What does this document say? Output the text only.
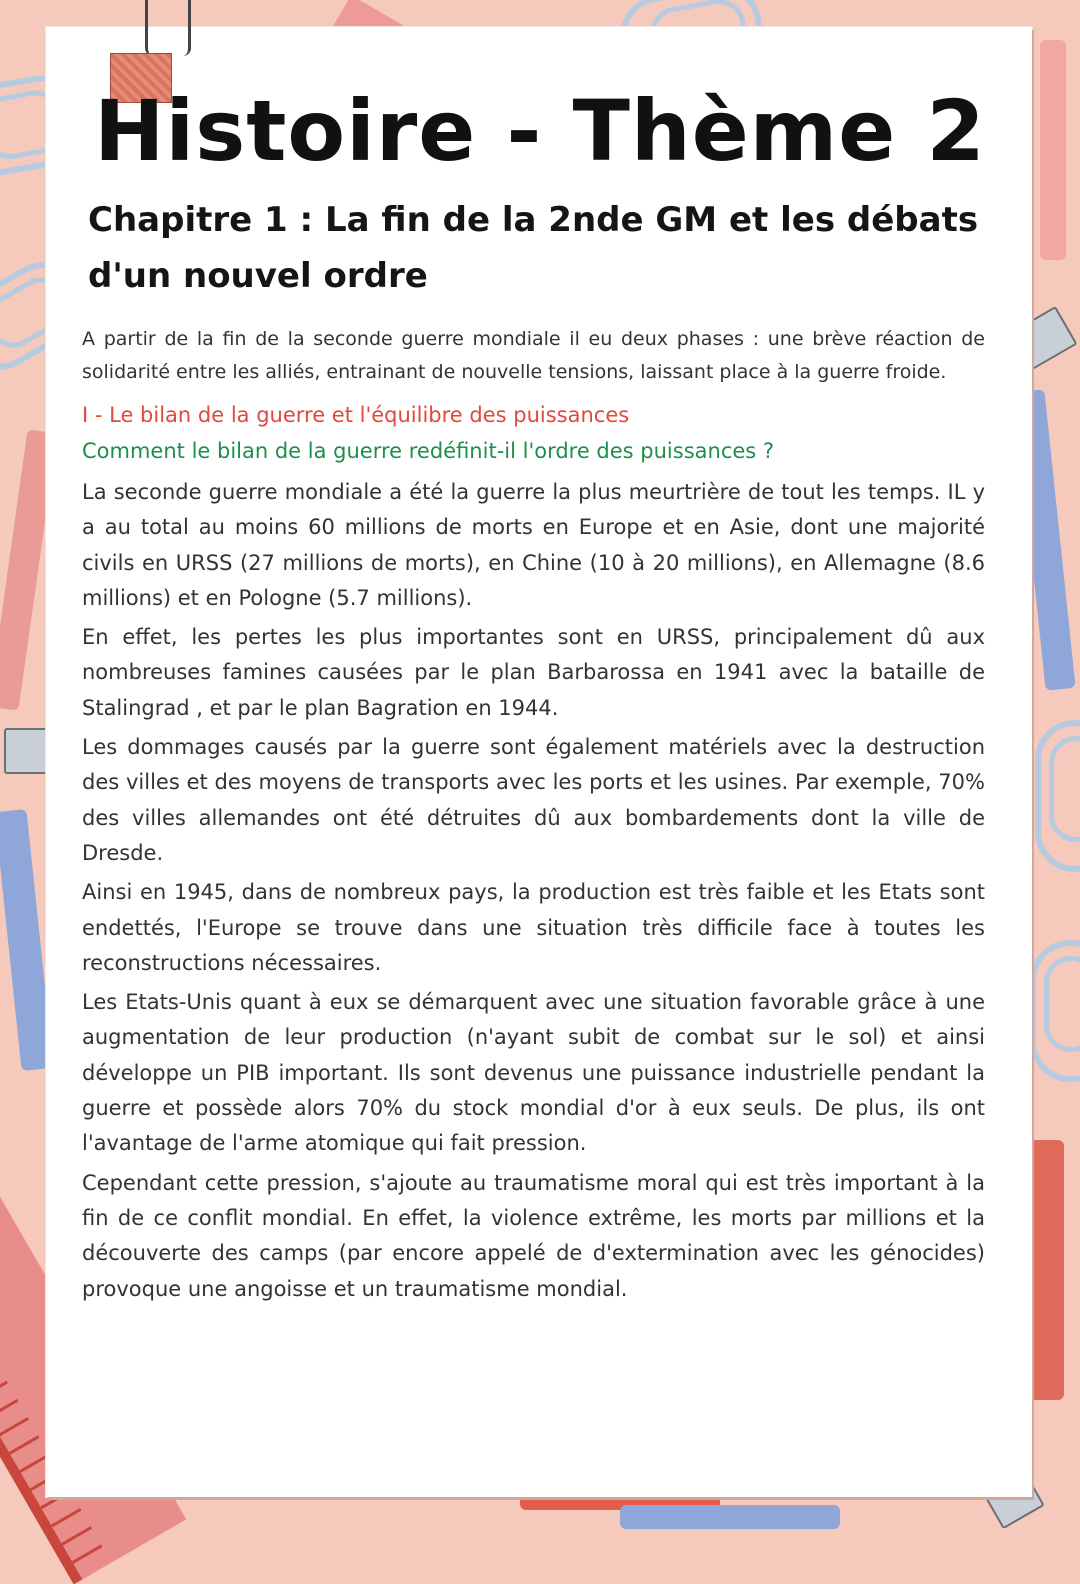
Histoire - Thème 2
Chapitre 1 : La fin de la 2nde GM et les débats d'un nouvel ordre

A partir de la fin de la seconde guerre mondiale il eu deux phases : une brève réaction de solidarité entre les alliés, entrainant de nouvelle tensions, laissant place à la guerre froide.

I - Le bilan de la guerre et l'équilibre des puissances

Comment le bilan de la guerre redéfinit-il l'ordre des puissances ?

La seconde guerre mondiale a été la guerre la plus meurtrière de tout les temps. IL y a au total au moins 60 millions de morts en Europe et en Asie, dont une majorité civils en URSS (27 millions de morts), en Chine (10 à 20 millions), en Allemagne (8.6 millions) et en Pologne (5.7 millions).

En effet, les pertes les plus importantes sont en URSS, principalement dû aux nombreuses famines causées par le plan Barbarossa en 1941 avec la bataille de Stalingrad , et par le plan Bagration en 1944.

Les dommages causés par la guerre sont également matériels avec la destruction des villes et des moyens de transports avec les ports et les usines. Par exemple, 70% des villes allemandes ont été détruites dû aux bombardements dont la ville de Dresde.

Ainsi en 1945, dans de nombreux pays, la production est très faible et les Etats sont endettés, l'Europe se trouve dans une situation très difficile face à toutes les reconstructions nécessaires.

Les Etats-Unis quant à eux se démarquent avec une situation favorable grâce à une augmentation de leur production (n'ayant subit de combat sur le sol) et ainsi développe un PIB important. Ils sont devenus une puissance industrielle pendant la guerre et possède alors 70% du stock mondial d'or à eux seuls. De plus, ils ont l'avantage de l'arme atomique qui fait pression.

Cependant cette pression, s'ajoute au traumatisme moral qui est très important à la fin de ce conflit mondial. En effet, la violence extrême, les morts par millions et la découverte des camps (par encore appelé de d'extermination avec les génocides) provoque une angoisse et un traumatisme mondial.
